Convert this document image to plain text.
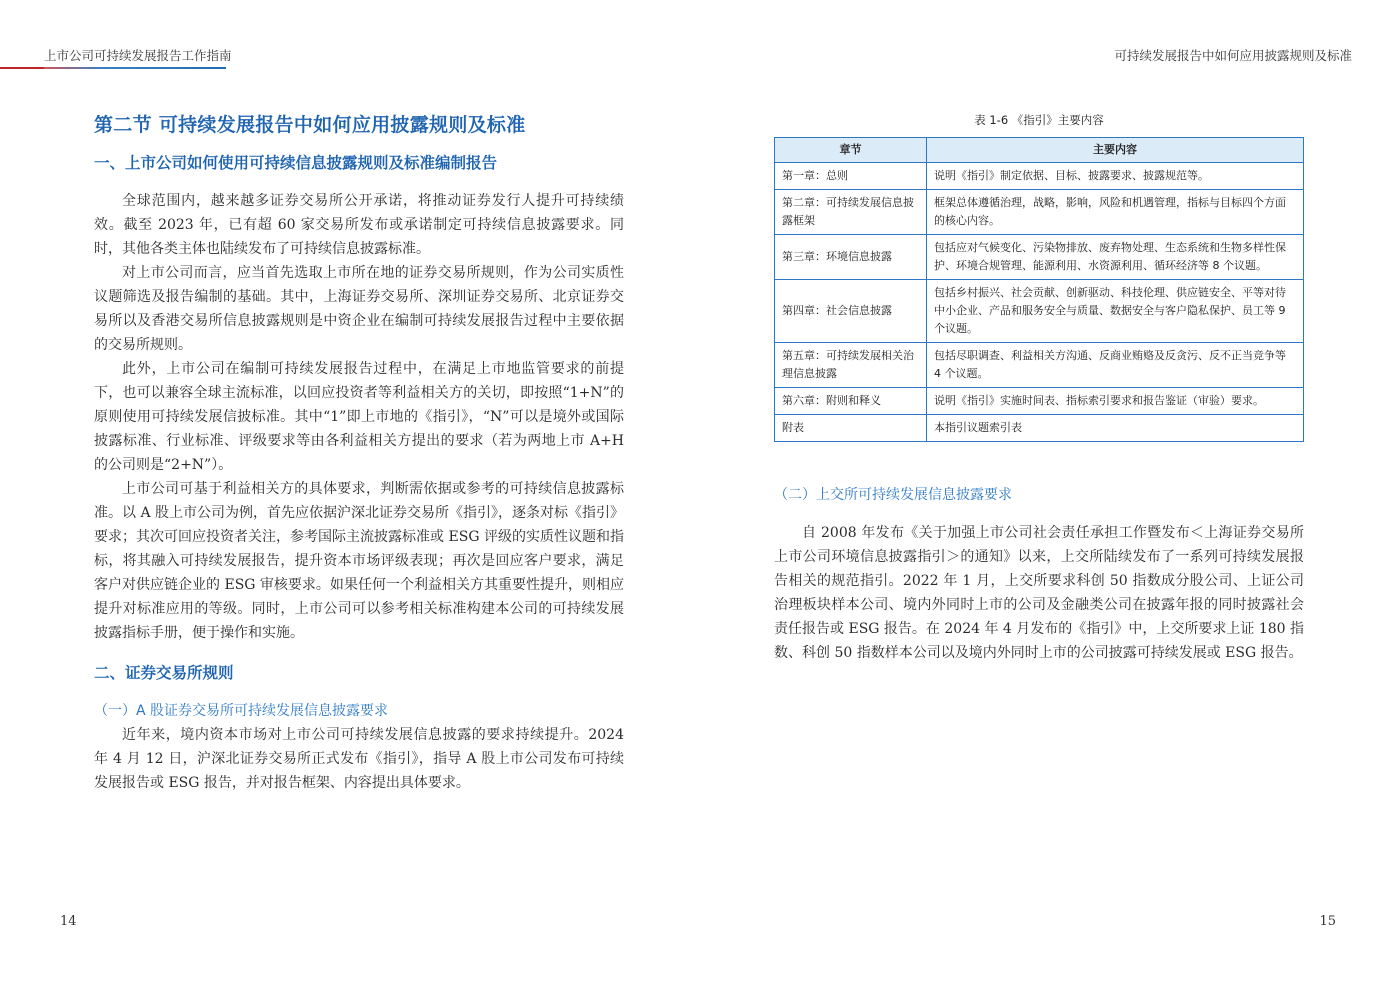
上市公司可持续发展报告工作指南
第二节 可持续发展报告中如何应用披露规则及标准
一、上市公司如何使用可持续信息披露规则及标准编制报告

全球范围内，越来越多证券交易所公开承诺，将推动证券发行人提升可持续绩效。截至 2023 年，已有超 60 家交易所发布或承诺制定可持续信息披露要求。同时，其他各类主体也陆续发布了可持续信息披露标准。

对上市公司而言，应当首先选取上市所在地的证券交易所规则，作为公司实质性议题筛选及报告编制的基础。其中，上海证券交易所、深圳证券交易所、北京证券交易所以及香港交易所信息披露规则是中资企业在编制可持续发展报告过程中主要依据的交易所规则。

此外，上市公司在编制可持续发展报告过程中，在满足上市地监管要求的前提下，也可以兼容全球主流标准，以回应投资者等利益相关方的关切，即按照“1+N”的原则使用可持续发展信披标准。其中“1”即上市地的《指引》，“N”可以是境外或国际披露标准、行业标准、评级要求等由各利益相关方提出的要求（若为两地上市 A+H 的公司则是“2+N”）。

上市公司可基于利益相关方的具体要求，判断需依据或参考的可持续信息披露标准。以 A 股上市公司为例，首先应依据沪深北证券交易所《指引》，逐条对标《指引》要求；其次可回应投资者关注，参考国际主流披露标准或 ESG 评级的实质性议题和指标，将其融入可持续发展报告，提升资本市场评级表现；再次是回应客户要求，满足客户对供应链企业的 ESG 审核要求。如果任何一个利益相关方其重要性提升，则相应提升对标准应用的等级。同时，上市公司可以参考相关标准构建本公司的可持续发展披露指标手册，便于操作和实施。

二、证券交易所规则
（一）A 股证券交易所可持续发展信息披露要求

近年来，境内资本市场对上市公司可持续发展信息披露的要求持续提升。2024 年 4 月 12 日，沪深北证券交易所正式发布《指引》，指导 A 股上市公司发布可持续发展报告或 ESG 报告，并对报告框架、内容提出具体要求。

14
可持续发展报告中如何应用披露规则及标准
表 1-6 《指引》主要内容
章节	主要内容
第一章：总则	说明《指引》制定依据、目标、披露要求、披露规范等。
第二章：可持续发展信息披露框架	框架总体遵循治理，战略，影响，风险和机遇管理，指标与目标四个方面的核心内容。
第三章：环境信息披露	包括应对气候变化、污染物排放、废弃物处理、生态系统和生物多样性保护、环境合规管理、能源利用、水资源利用、循环经济等 8 个议题。
第四章：社会信息披露	包括乡村振兴、社会贡献、创新驱动、科技伦理、供应链安全、平等对待中小企业、产品和服务安全与质量、数据安全与客户隐私保护、员工等 9 个议题。
第五章：可持续发展相关治理信息披露	包括尽职调查、利益相关方沟通、反商业贿赂及反贪污、反不正当竞争等 4 个议题。
第六章：附则和释义	说明《指引》实施时间表、指标索引要求和报告鉴证（审验）要求。
附表	本指引议题索引表
（二）上交所可持续发展信息披露要求

自 2008 年发布《关于加强上市公司社会责任承担工作暨发布＜上海证券交易所上市公司环境信息披露指引＞的通知》以来，上交所陆续发布了一系列可持续发展报告相关的规范指引。2022 年 1 月，上交所要求科创 50 指数成分股公司、上证公司治理板块样本公司、境内外同时上市的公司及金融类公司在披露年报的同时披露社会责任报告或 ESG 报告。在 2024 年 4 月发布的《指引》中，上交所要求上证 180 指数、科创 50 指数样本公司以及境内外同时上市的公司披露可持续发展或 ESG 报告。

15
